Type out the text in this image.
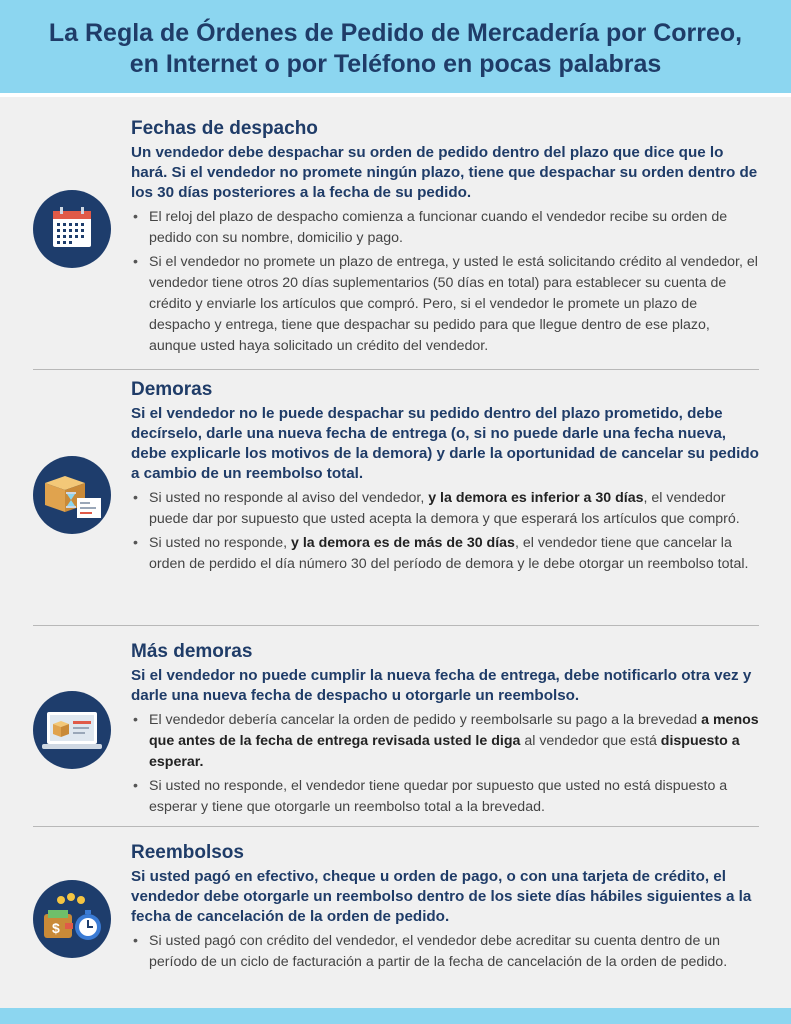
La Regla de Órdenes de Pedido de Mercadería por Correo,
en Internet o por Teléfono en pocas palabras
Fechas de despacho

Un vendedor debe despachar su orden de pedido dentro del plazo que dice que lo hará. Si el vendedor no promete ningún plazo, tiene que despachar su orden dentro de los 30 días posteriores a la fecha de su pedido.

• El reloj del plazo de despacho comienza a funcionar cuando el vendedor recibe su orden de pedido con su nombre, domicilio y pago.
• Si el vendedor no promete un plazo de entrega, y usted le está solicitando crédito al vendedor, el vendedor tiene otros 20 días suplementarios (50 días en total) para establecer su cuenta de crédito y enviarle los artículos que compró. Pero, si el vendedor le promete un plazo de despacho y entrega, tiene que despachar su pedido para que llegue dentro de ese plazo, aunque usted haya solicitado un crédito del vendedor.
Demoras

Si el vendedor no le puede despachar su pedido dentro del plazo prometido, debe decírselo, darle una nueva fecha de entrega (o, si no puede darle una fecha nueva, debe explicarle los motivos de la demora) y darle la oportunidad de cancelar su pedido a cambio de un reembolso total.

• Si usted no responde al aviso del vendedor, y la demora es inferior a 30 días, el vendedor puede dar por supuesto que usted acepta la demora y que esperará los artículos que compró.
• Si usted no responde, y la demora es de más de 30 días, el vendedor tiene que cancelar la orden de perdido el día número 30 del período de demora y le debe otorgar un reembolso total.
Más demoras

Si el vendedor no puede cumplir la nueva fecha de entrega, debe notificarlo otra vez y darle una nueva fecha de despacho u otorgarle un reembolso.

• El vendedor debería cancelar la orden de pedido y reembolsarle su pago a la brevedad a menos que antes de la fecha de entrega revisada usted le diga al vendedor que está dispuesto a esperar.
• Si usted no responde, el vendedor tiene quedar por supuesto que usted no está dispuesto a esperar y tiene que otorgarle un reembolso total a la brevedad.
$
Reembolsos

Si usted pagó en efectivo, cheque u orden de pago, o con una tarjeta de crédito, el vendedor debe otorgarle un reembolso dentro de los siete días hábiles siguientes a la fecha de cancelación de la orden de pedido.

• Si usted pagó con crédito del vendedor, el vendedor debe acreditar su cuenta dentro de un período de un ciclo de facturación a partir de la fecha de cancelación de la orden de pedido.
